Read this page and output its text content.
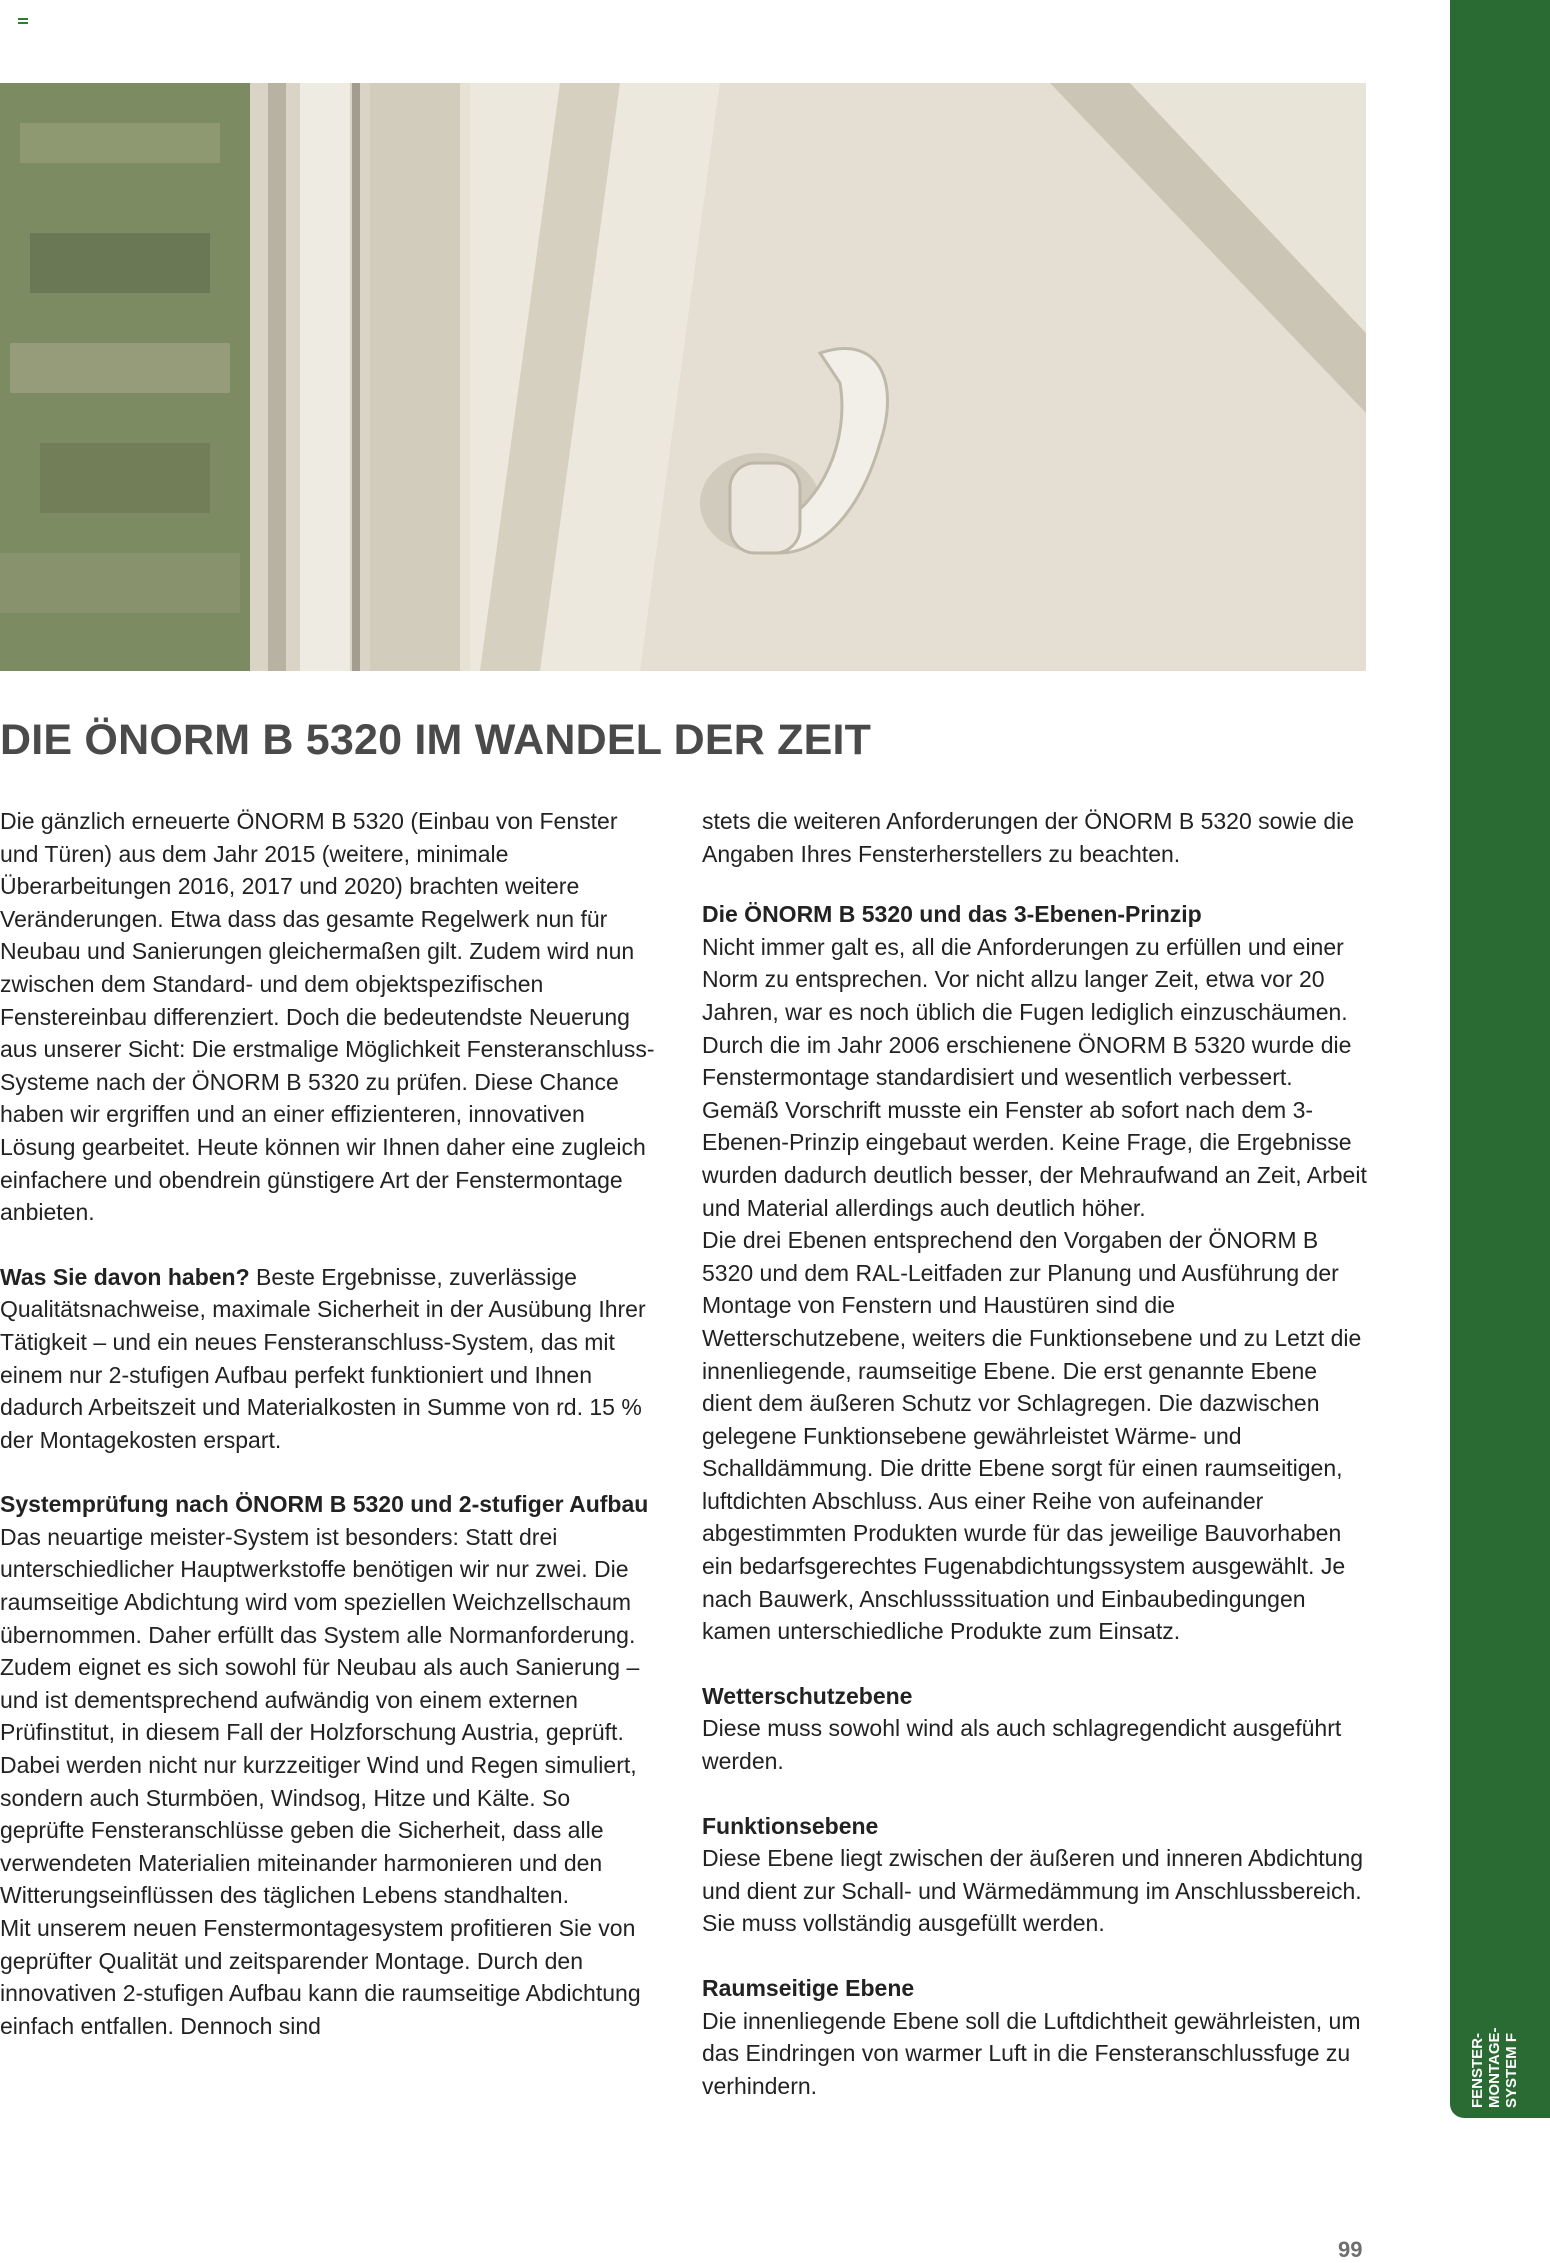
DIE ÖNORM B 5320 IM WANDEL DER ZEIT

Die gänzlich erneuerte ÖNORM B 5320 (Einbau von Fenster und Türen) aus dem Jahr 2015 (weitere, minimale Überarbeitungen 2016, 2017 und 2020) brachten weitere Veränderungen. Etwa dass das gesamte Regelwerk nun für Neubau und Sanierungen gleichermaßen gilt. Zudem wird nun zwischen dem Standard- und dem objektspezifischen Fenstereinbau differenziert. Doch die bedeutendste Neuerung aus unserer Sicht: Die erstmalige Möglichkeit Fensteranschluss-Systeme nach der ÖNORM B 5320 zu prüfen. Diese Chance haben wir ergriffen und an einer effizienteren, innovativen Lösung gearbeitet. Heute können wir Ihnen daher eine zugleich einfachere und obendrein günstigere Art der Fenstermontage anbieten.

Was Sie davon haben? Beste Ergebnisse, zuverlässige Qualitätsnachweise, maximale Sicherheit in der Ausübung Ihrer Tätigkeit – und ein neues Fensteranschluss-System, das mit einem nur 2-stufigen Aufbau perfekt funktioniert und Ihnen dadurch Arbeitszeit und Materialkosten in Summe von rd. 15 % der Montagekosten erspart.

Systemprüfung nach ÖNORM B 5320 und 2-stufiger Aufbau

Das neuartige meister-System ist besonders: Statt drei unterschiedlicher Hauptwerkstoffe benötigen wir nur zwei. Die raumseitige Abdichtung wird vom speziellen Weichzellschaum übernommen. Daher erfüllt das System alle Normanforderung. Zudem eignet es sich sowohl für Neubau als auch Sanierung – und ist dementsprechend aufwändig von einem externen Prüfinstitut, in diesem Fall der Holzforschung Austria, geprüft.

Dabei werden nicht nur kurzzeitiger Wind und Regen simuliert, sondern auch Sturmböen, Windsog, Hitze und Kälte. So geprüfte Fensteranschlüsse geben die Sicherheit, dass alle verwendeten Materialien miteinander harmonieren und den Witterungseinflüssen des täglichen Lebens standhalten.

Mit unserem neuen Fenstermontagesystem profitieren Sie von geprüfter Qualität und zeitsparender Montage. Durch den innovativen 2-stufigen Aufbau kann die raumseitige Abdichtung einfach entfallen. Dennoch sind

stets die weiteren Anforderungen der ÖNORM B 5320 sowie die Angaben Ihres Fensterherstellers zu beachten.

Die ÖNORM B 5320 und das 3-Ebenen-Prinzip

Nicht immer galt es, all die Anforderungen zu erfüllen und einer Norm zu entsprechen. Vor nicht allzu langer Zeit, etwa vor 20 Jahren, war es noch üblich die Fugen lediglich einzuschäumen. Durch die im Jahr 2006 erschienene ÖNORM B 5320 wurde die Fenstermontage standardisiert und wesentlich verbessert. Gemäß Vorschrift musste ein Fenster ab sofort nach dem 3-Ebenen-Prinzip eingebaut werden. Keine Frage, die Ergebnisse wurden dadurch deutlich besser, der Mehraufwand an Zeit, Arbeit und Material allerdings auch deutlich höher.

Die drei Ebenen entsprechend den Vorgaben der ÖNORM B 5320 und dem RAL-Leitfaden zur Planung und Ausführung der Montage von Fenstern und Haustüren sind die Wetterschutzebene, weiters die Funktionsebene und zu Letzt die innenliegende, raumseitige Ebene. Die erst genannte Ebene dient dem äußeren Schutz vor Schlagregen. Die dazwischen gelegene Funktionsebene gewährleistet Wärme- und Schalldämmung. Die dritte Ebene sorgt für einen raumseitigen, luftdichten Abschluss. Aus einer Reihe von aufeinander abgestimmten Produkten wurde für das jeweilige Bauvorhaben ein bedarfsgerechtes Fugenabdichtungssystem ausgewählt. Je nach Bauwerk, Anschlusssituation und Einbaubedingungen kamen unterschiedliche Produkte zum Einsatz.

Wetterschutzebene

Diese muss sowohl wind als auch schlagregendicht ausgeführt werden.

Funktionsebene

Diese Ebene liegt zwischen der äußeren und inneren Abdichtung und dient zur Schall- und Wärmedämmung im Anschlussbereich. Sie muss vollständig ausgefüllt werden.

Raumseitige Ebene

Die innenliegende Ebene soll die Luftdichtheit gewährleisten, um das Eindringen von warmer Luft in die Fensteranschlussfuge zu verhindern.	FENSTER- MONTAGE- SYSTEM F
99
